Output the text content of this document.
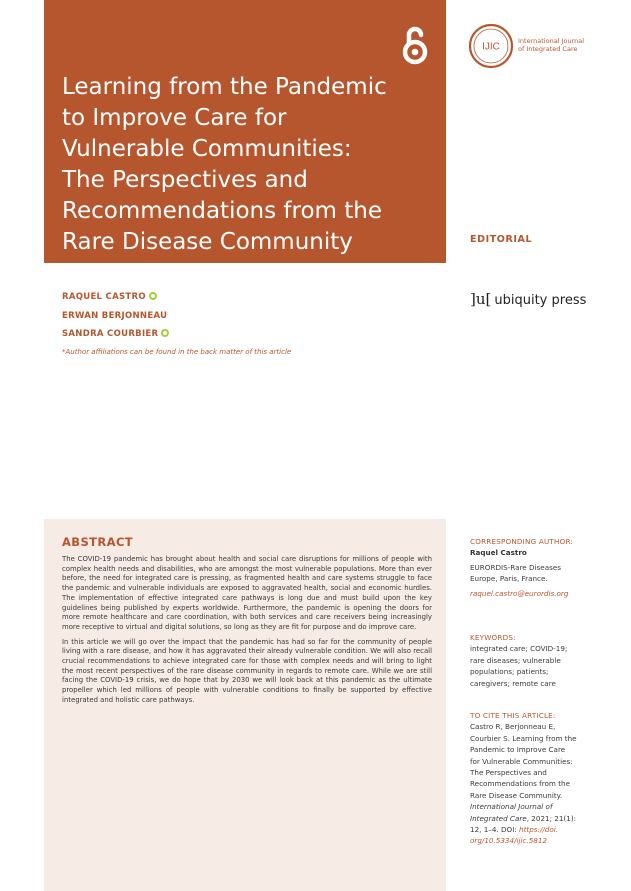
Learning from the Pandemic
to Improve Care for
Vulnerable Communities:
The Perspectives and
Recommendations from the
Rare Disease Community
IJIC
International Journal
of Integrated Care
EDITORIAL
]u[ ubiquity press
RAQUEL CASTRO
ERWAN BERJONNEAU
SANDRA COURBIER
*Author affiliations can be found in the back matter of this article
ABSTRACT

The COVID-19 pandemic has brought about health and social care disruptions for millions of people with complex health needs and disabilities, who are amongst the most vulnerable populations. More than ever before, the need for integrated care is pressing, as fragmented health and care systems struggle to face the pandemic and vulnerable individuals are exposed to aggravated health, social and economic hurdles. The implementation of effective integrated care pathways is long due and must build upon the key guidelines being published by experts worldwide. Furthermore, the pandemic is opening the doors for more remote healthcare and care coordination, with both services and care receivers being increasingly more receptive to virtual and digital solutions, so long as they are fit for purpose and do improve care.

In this article we will go over the impact that the pandemic has had so far for the community of people living with a rare disease, and how it has aggravated their already vulnerable condition. We will also recall crucial recommendations to achieve integrated care for those with complex needs and will bring to light the most recent perspectives of the rare disease community in regards to remote care. While we are still facing the COVID-19 crisis, we do hope that by 2030 we will look back at this pandemic as the ultimate propeller which led millions of people with vulnerable conditions to finally be supported by effective integrated and holistic care pathways.

CORRESPONDING AUTHOR:
Raquel Castro
EURORDIS-Rare Diseases
Europe, Paris, France.
raquel.castro@eurordis.org
KEYWORDS:
integrated care; COVID-19;
rare diseases; vulnerable
populations; patients;
caregivers; remote care
TO CITE THIS ARTICLE:
Castro R, Berjonneau E,
Courbier S. Learning from the
Pandemic to Improve Care
for Vulnerable Communities:
The Perspectives and
Recommendations from the
Rare Disease Community.
International Journal of
Integrated Care, 2021; 21(1):
12, 1–4. DOI: https://doi.
org/10.5334/ijic.5812
